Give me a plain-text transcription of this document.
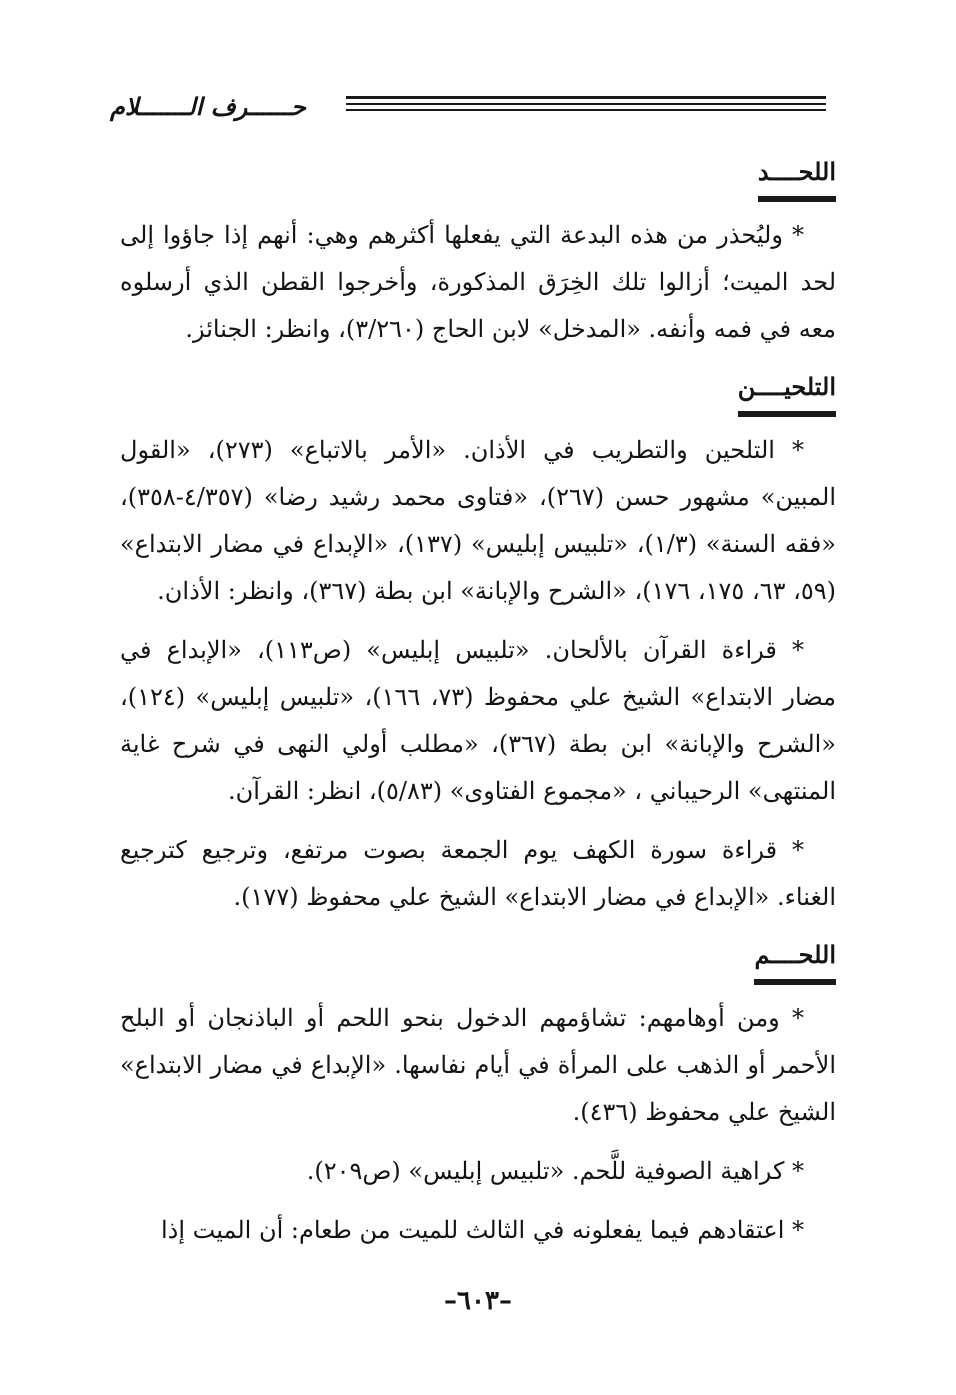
حــــــرف الـــــــلام
اللحــــد

* وليُحذر من هذه البدعة التي يفعلها أكثرهم وهي: أنهم إذا جاؤوا إلى لحد الميت؛ أزالوا تلك الخِرَق المذكورة، وأخرجوا القطن الذي أرسلوه معه في فمه وأنفه. «المدخل» لابن الحاج (٣/٢٦٠)، وانظر: الجنائز.

التلحيــــن

* التلحين والتطريب في الأذان. «الأمر بالاتباع» (٢٧٣)، «القول المبين» مشهور حسن (٢٦٧)، «فتاوى محمد رشيد رضا» (٤/٣٥٧-٣٥٨)، «فقه السنة» (١/٣)، «تلبيس إبليس» (١٣٧)، «الإبداع في مضار الابتداع» (٥٩، ٦٣، ١٧٥، ١٧٦)، «الشرح والإبانة» ابن بطة (٣٦٧)، وانظر: الأذان.

* قراءة القرآن بالألحان. «تلبيس إبليس» (ص١١٣)، «الإبداع في مضار الابتداع» الشيخ علي محفوظ (٧٣، ١٦٦)، «تلبيس إبليس» (١٢٤)، «الشرح والإبانة» ابن بطة (٣٦٧)، «مطلب أولي النهى في شرح غاية المنتهى» الرحيباني ، «مجموع الفتاوى» (٥/٨٣)، انظر: القرآن.

* قراءة سورة الكهف يوم الجمعة بصوت مرتفع، وترجيع كترجيع الغناء. «الإبداع في مضار الابتداع» الشيخ علي محفوظ (١٧٧).

اللحــــم

* ومن أوهامهم: تشاؤمهم الدخول بنحو اللحم أو الباذنجان أو البلح الأحمر أو الذهب على المرأة في أيام نفاسها. «الإبداع في مضار الابتداع» الشيخ علي محفوظ (٤٣٦).

* كراهية الصوفية للَّحم. «تلبيس إبليس» (ص٢٠٩).

* اعتقادهم فيما يفعلونه في الثالث للميت من طعام: أن الميت إذا

–٦٠٣–
